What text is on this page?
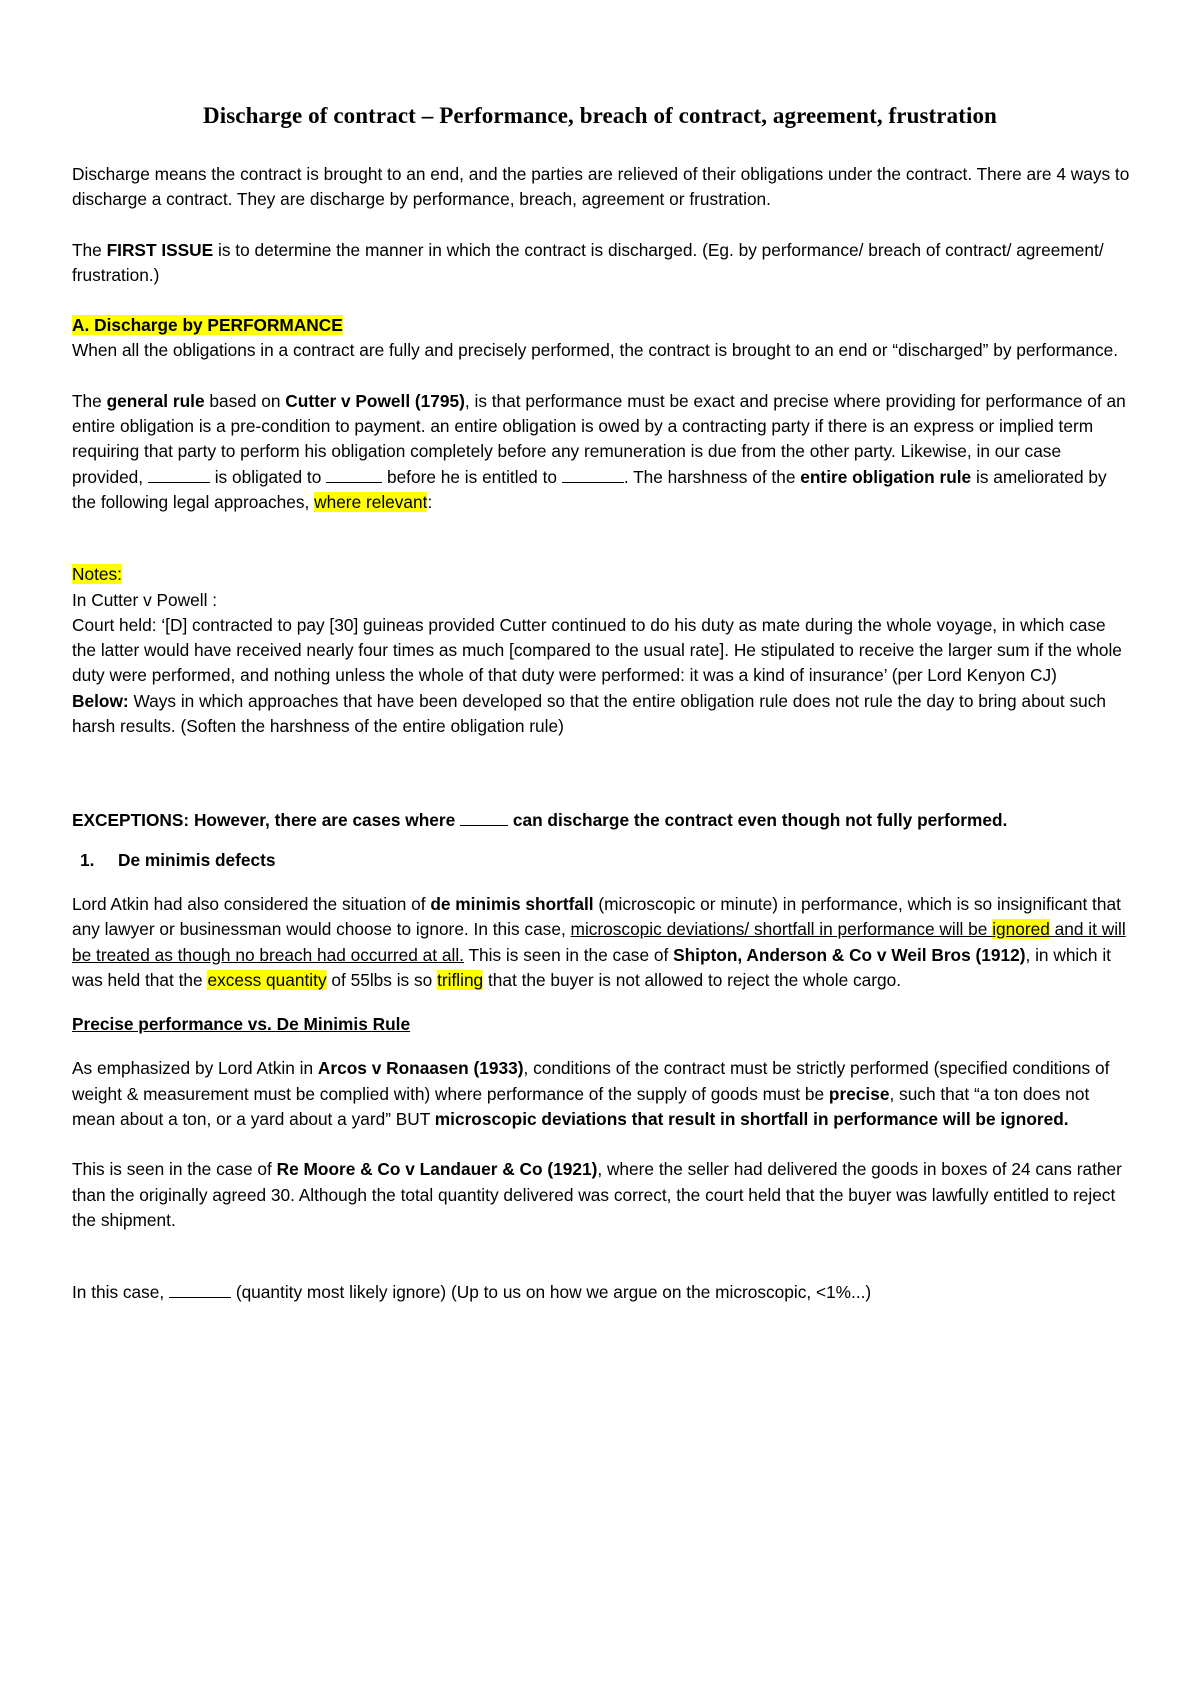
Discharge of contract – Performance, breach of contract, agreement, frustration

Discharge means the contract is brought to an end, and the parties are relieved of their obligations under the contract. There are 4 ways to discharge a contract. They are discharge by performance, breach, agreement or frustration.

The FIRST ISSUE is to determine the manner in which the contract is discharged. (Eg. by performance/ breach of contract/ agreement/ frustration.)

A. Discharge by PERFORMANCE

When all the obligations in a contract are fully and precisely performed, the contract is brought to an end or “discharged” by performance.

The general rule based on Cutter v Powell (1795), is that performance must be exact and precise where providing for performance of an entire obligation is a pre-condition to payment. an entire obligation is owed by a contracting party if there is an express or implied term requiring that party to perform his obligation completely before any remuneration is due from the other party. Likewise, in our case provided,	is obligated to	before he is entitled to	. The harshness of the entire obligation rule is ameliorated by the following legal approaches, where relevant:

Notes:

In Cutter v Powell :

Court held: ‘[D] contracted to pay [30] guineas provided Cutter continued to do his duty as mate during the whole voyage, in which case the latter would have received nearly four times as much [compared to the usual rate]. He stipulated to receive the larger sum if the whole duty were performed, and nothing unless the whole of that duty were performed: it was a kind of insurance’ (per Lord Kenyon CJ)

Below: Ways in which approaches that have been developed so that the entire obligation rule does not rule the day to bring about such harsh results. (Soften the harshness of the entire obligation rule)

EXCEPTIONS: However, there are cases where	can discharge the contract even though not fully performed.

1. De minimis defects

Lord Atkin had also considered the situation of de minimis shortfall (microscopic or minute) in performance, which is so insignificant that any lawyer or businessman would choose to ignore. In this case, microscopic deviations/ shortfall in performance will be ignored and it will be treated as though no breach had occurred at all. This is seen in the case of Shipton, Anderson & Co v Weil Bros (1912), in which it was held that the excess quantity of 55lbs is so trifling that the buyer is not allowed to reject the whole cargo.

Precise performance vs. De Minimis Rule

As emphasized by Lord Atkin in Arcos v Ronaasen (1933), conditions of the contract must be strictly performed (specified conditions of weight & measurement must be complied with) where performance of the supply of goods must be precise, such that “a ton does not mean about a ton, or a yard about a yard” BUT microscopic deviations that result in shortfall in performance will be ignored.

This is seen in the case of Re Moore & Co v Landauer & Co (1921), where the seller had delivered the goods in boxes of 24 cans rather than the originally agreed 30. Although the total quantity delivered was correct, the court held that the buyer was lawfully entitled to reject the shipment.

In this case,	(quantity most likely ignore) (Up to us on how we argue on the microscopic, <1%...)
